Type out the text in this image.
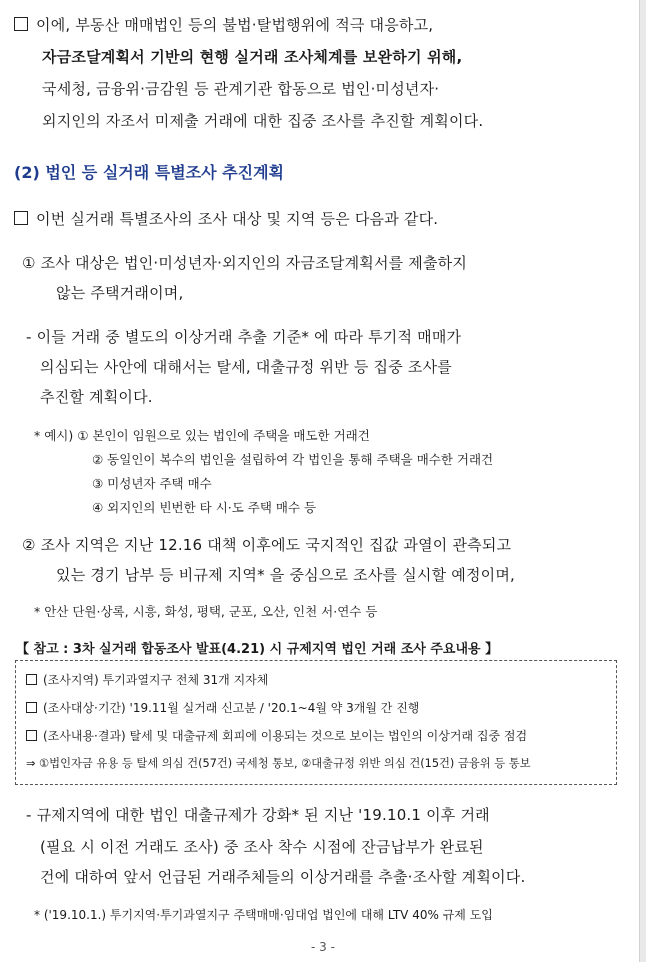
이에, 부동산 매매법인 등의 불법·탈법행위에 적극 대응하고,
자금조달계획서 기반의 현행 실거래 조사체계를 보완하기 위해,
국세청, 금융위·금감원 등 관계기관 합동으로 법인·미성년자·
외지인의 자조서 미제출 거래에 대한 집중 조사를 추진할 계획이다.
(2) 법인 등 실거래 특별조사 추진계획
이번 실거래 특별조사의 조사 대상 및 지역 등은 다음과 같다.
① 조사 대상은 법인·미성년자·외지인의 자금조달계획서를 제출하지
않는 주택거래이며,
- 이들 거래 중 별도의 이상거래 추출 기준* 에 따라 투기적 매매가
의심되는 사안에 대해서는 탈세, 대출규정 위반 등 집중 조사를
추진할 계획이다.
* 예시) ① 본인이 임원으로 있는 법인에 주택을 매도한 거래건
② 동일인이 복수의 법인을 설립하여 각 법인을 통해 주택을 매수한 거래건
③ 미성년자 주택 매수
④ 외지인의 빈번한 타 시·도 주택 매수 등
② 조사 지역은 지난 12.16 대책 이후에도 국지적인 집값 과열이 관측되고
있는 경기 남부 등 비규제 지역* 을 중심으로 조사를 실시할 예정이며,
* 안산 단원·상록, 시흥, 화성, 평택, 군포, 오산, 인천 서·연수 등
【 참고 : 3차 실거래 합동조사 발표(4.21) 시 규제지역 법인 거래 조사 주요내용 】
(조사지역) 투기과열지구 전체 31개 지자체
(조사대상·기간) '19.11월 실거래 신고분 / '20.1~4월 약 3개월 간 진행
(조사내용·결과) 탈세 및 대출규제 회피에 이용되는 것으로 보이는 법인의 이상거래 집중 점검
⇒ ①법인자금 유용 등 탈세 의심 건(57건) 국세청 통보, ②대출규정 위반 의심 건(15건) 금융위 등 통보
- 규제지역에 대한 법인 대출규제가 강화* 된 지난 '19.10.1 이후 거래
(필요 시 이전 거래도 조사) 중 조사 착수 시점에 잔금납부가 완료된
건에 대하여 앞서 언급된 거래주체들의 이상거래를 추출·조사할 계획이다.
* ('19.10.1.) 투기지역·투기과열지구 주택매매·임대업 법인에 대해 LTV 40% 규제 도입
- 3 -
